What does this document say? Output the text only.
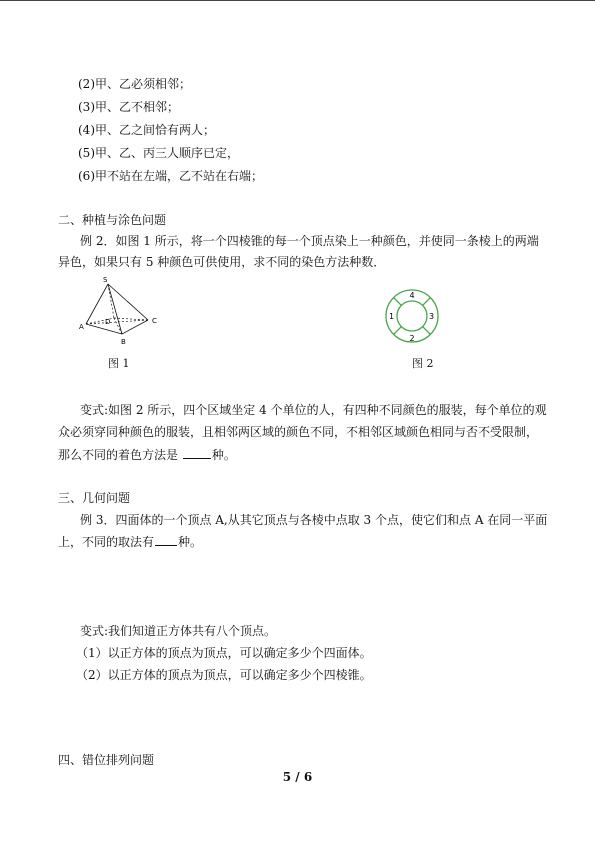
(2)甲、乙必须相邻；
(3)甲、乙不相邻；
(4)甲、乙之间恰有两人；
(5)甲、乙、丙三人顺序已定，
(6)甲不站在左端，乙不站在右端；
二、种植与涂色问题
例 2．如图 1 所示，将一个四棱锥的每一个顶点染上一种颜色，并使同一条棱上的两端
异色，如果只有 5 种颜色可供使用，求不同的染色方法种数．
S
D
A
B
C
4
1	3
2
图 1	图 2
变式:如图 2 所示，四个区域坐定 4 个单位的人，有四种不同颜色的服装，每个单位的观
众必须穿同种颜色的服装，且相邻两区域的颜色不同，不相邻区域颜色相同与否不受限制，
那么不同的着色方法是	种。
三、几何问题
例 3．四面体的一个顶点 A,从其它顶点与各棱中点取 3 个点，使它们和点 A 在同一平面
上，不同的取法有 种。
变式:我们知道正方体共有八个顶点。
（1）以正方体的顶点为顶点，可以确定多少个四面体。
（2）以正方体的顶点为顶点，可以确定多少个四棱锥。
四、错位排列问题
5 / 6
